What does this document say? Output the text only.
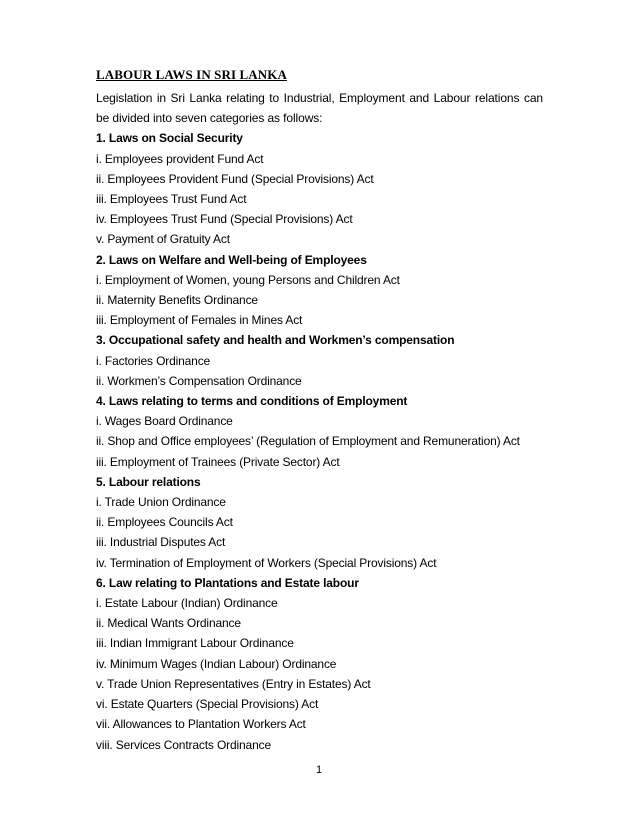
LABOUR LAWS IN SRI LANKA

Legislation in Sri Lanka relating to Industrial, Employment and Labour relations can be divided into seven categories as follows:

1. Laws on Social Security

i. Employees provident Fund Act

ii. Employees Provident Fund (Special Provisions) Act

iii. Employees Trust Fund Act

iv. Employees Trust Fund (Special Provisions) Act

v. Payment of Gratuity Act

2. Laws on Welfare and Well-being of Employees

i. Employment of Women, young Persons and Children Act

ii. Maternity Benefits Ordinance

iii. Employment of Females in Mines Act

3. Occupational safety and health and Workmen’s compensation

i. Factories Ordinance

ii. Workmen’s Compensation Ordinance

4. Laws relating to terms and conditions of Employment

i. Wages Board Ordinance

ii. Shop and Office employees’ (Regulation of Employment and Remuneration) Act

iii. Employment of Trainees (Private Sector) Act

5. Labour relations

i. Trade Union Ordinance

ii. Employees Councils Act

iii. Industrial Disputes Act

iv. Termination of Employment of Workers (Special Provisions) Act

6. Law relating to Plantations and Estate labour

i. Estate Labour (Indian) Ordinance

ii. Medical Wants Ordinance

iii. Indian Immigrant Labour Ordinance

iv. Minimum Wages (Indian Labour) Ordinance

v. Trade Union Representatives (Entry in Estates) Act

vi. Estate Quarters (Special Provisions) Act

vii. Allowances to Plantation Workers Act

viii. Services Contracts Ordinance

1
